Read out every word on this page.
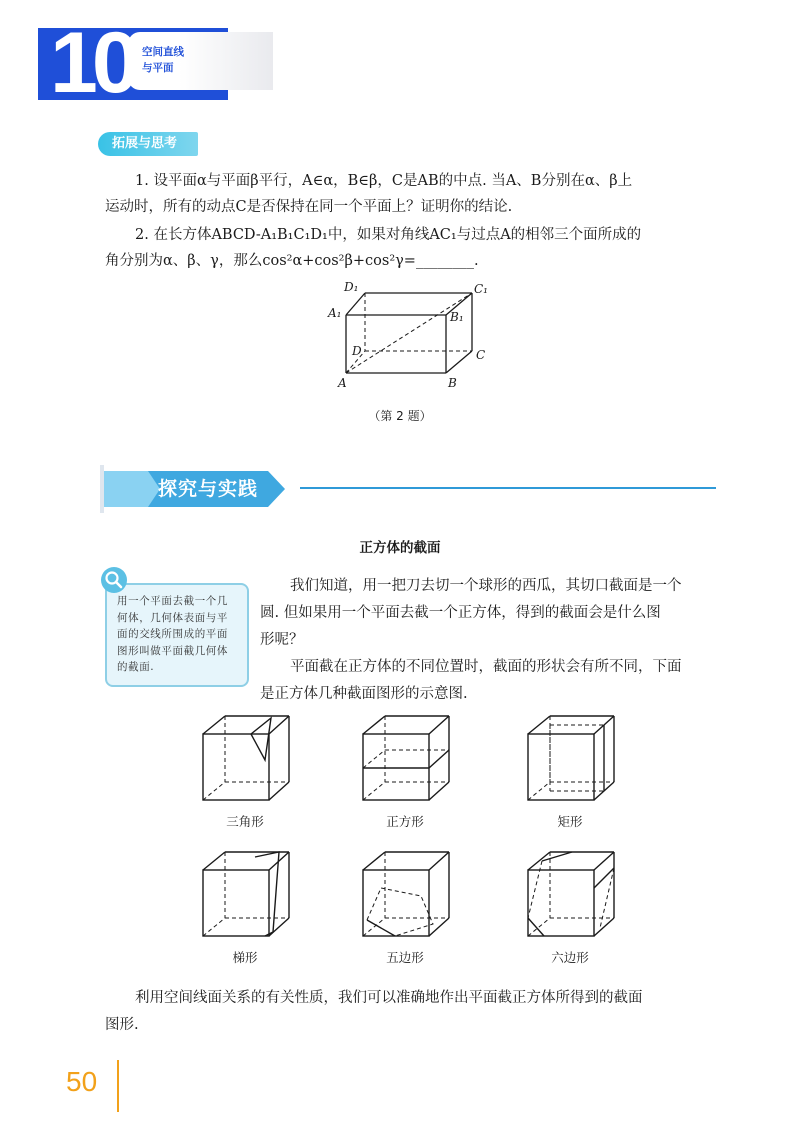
10 空间直线
与平面
拓展与思考
1. 设平面α与平面β平行，A∈α，B∈β，C是AB的中点. 当A、B分别在α、β上
运动时，所有的动点C是否保持在同一个平面上？证明你的结论.
2. 在长方体ABCD-A₁B₁C₁D₁中，如果对角线AC₁与过点A的相邻三个面所成的
角分别为α、β、γ，那么cos²α+cos²β+cos²γ=________.
D₁	C₁
A₁	B₁
D	C
A	B
（第 2 题）
探究与实践
正方体的截面
用一个平面去截一个几何体，几何体表面与平面的交线所围成的平面图形叫做平面截几何体的截面.
我们知道，用一把刀去切一个球形的西瓜，其切口截面是一个
圆. 但如果用一个平面去截一个正方体，得到的截面会是什么图
形呢？
平面截在正方体的不同位置时，截面的形状会有所不同，下面
是正方体几种截面图形的示意图.
三角形	正方形	矩形
梯形	五边形	六边形
利用空间线面关系的有关性质，我们可以准确地作出平面截正方体所得到的截面
图形.
50
